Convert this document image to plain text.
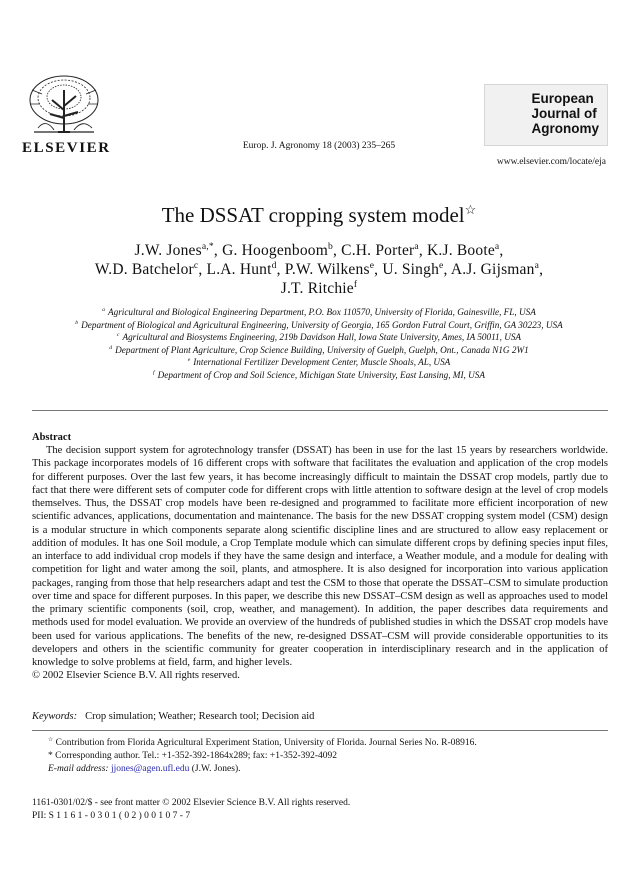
ELSEVIER	Europ. J. Agronomy 18 (2003) 235–265
European
Journal of
Agronomy
www.elsevier.com/locate/eja
The DSSAT cropping system model☆
J.W. Jones$^{a,*}$, G. Hoogenboom$^b$, C.H. Porter$^a$, K.J. Boote$^a$,
W.D. Batchelor$^c$, L.A. Hunt$^d$, P.W. Wilkens$^e$, U. Singh$^e$, A.J. Gijsman$^a$,
J.T. Ritchie$^f$
$^a$ Agricultural and Biological Engineering Department, P.O. Box 110570, University of Florida, Gainesville, FL, USA
$^b$ Department of Biological and Agricultural Engineering, University of Georgia, 165 Gordon Futral Court, Griffin, GA 30223, USA
$^c$ Agricultural and Biosystems Engineering, 219b Davidson Hall, Iowa State University, Ames, IA 50011, USA
$^d$ Department of Plant Agriculture, Crop Science Building, University of Guelph, Guelph, Ont., Canada N1G 2W1
$^e$ International Fertilizer Development Center, Muscle Shoals, AL, USA
$^f$ Department of Crop and Soil Science, Michigan State University, East Lansing, MI, USA
Abstract

The decision support system for agrotechnology transfer (DSSAT) has been in use for the last 15 years by researchers worldwide. This package incorporates models of 16 different crops with software that facilitates the evaluation and application of the crop models for different purposes. Over the last few years, it has become increasingly difficult to maintain the DSSAT crop models, partly due to fact that there were different sets of computer code for different crops with little attention to software design at the level of crop models themselves. Thus, the DSSAT crop models have been re-designed and programmed to facilitate more efficient incorporation of new scientific advances, applications, documentation and maintenance. The basis for the new DSSAT cropping system model (CSM) design is a modular structure in which components separate along scientific discipline lines and are structured to allow easy replacement or addition of modules. It has one Soil module, a Crop Template module which can simulate different crops by defining species input files, an interface to add individual crop models if they have the same design and interface, a Weather module, and a module for dealing with competition for light and water among the soil, plants, and atmosphere. It is also designed for incorporation into various application packages, ranging from those that help researchers adapt and test the CSM to those that operate the DSSAT–CSM to simulate production over time and space for different purposes. In this paper, we describe this new DSSAT–CSM design as well as approaches used to model the primary scientific components (soil, crop, weather, and management). In addition, the paper describes data requirements and methods used for model evaluation. We provide an overview of the hundreds of published studies in which the DSSAT crop models have been used for various applications. The benefits of the new, re-designed DSSAT–CSM will provide considerable opportunities to its developers and others in the scientific community for greater cooperation in interdisciplinary research and in the application of knowledge to solve problems at field, farm, and higher levels.

© 2002 Elsevier Science B.V. All rights reserved.

Keywords: Crop simulation; Weather; Research tool; Decision aid
☆ Contribution from Florida Agricultural Experiment Station, University of Florida. Journal Series No. R-08916.
* Corresponding author. Tel.: +1-352-392-1864x289; fax: +1-352-392-4092
E-mail address: jjones@agen.ufl.edu (J.W. Jones).
1161-0301/02/$ - see front matter © 2002 Elsevier Science B.V. All rights reserved.
PII: S 1 1 6 1 - 0 3 0 1 ( 0 2 ) 0 0 1 0 7 - 7
